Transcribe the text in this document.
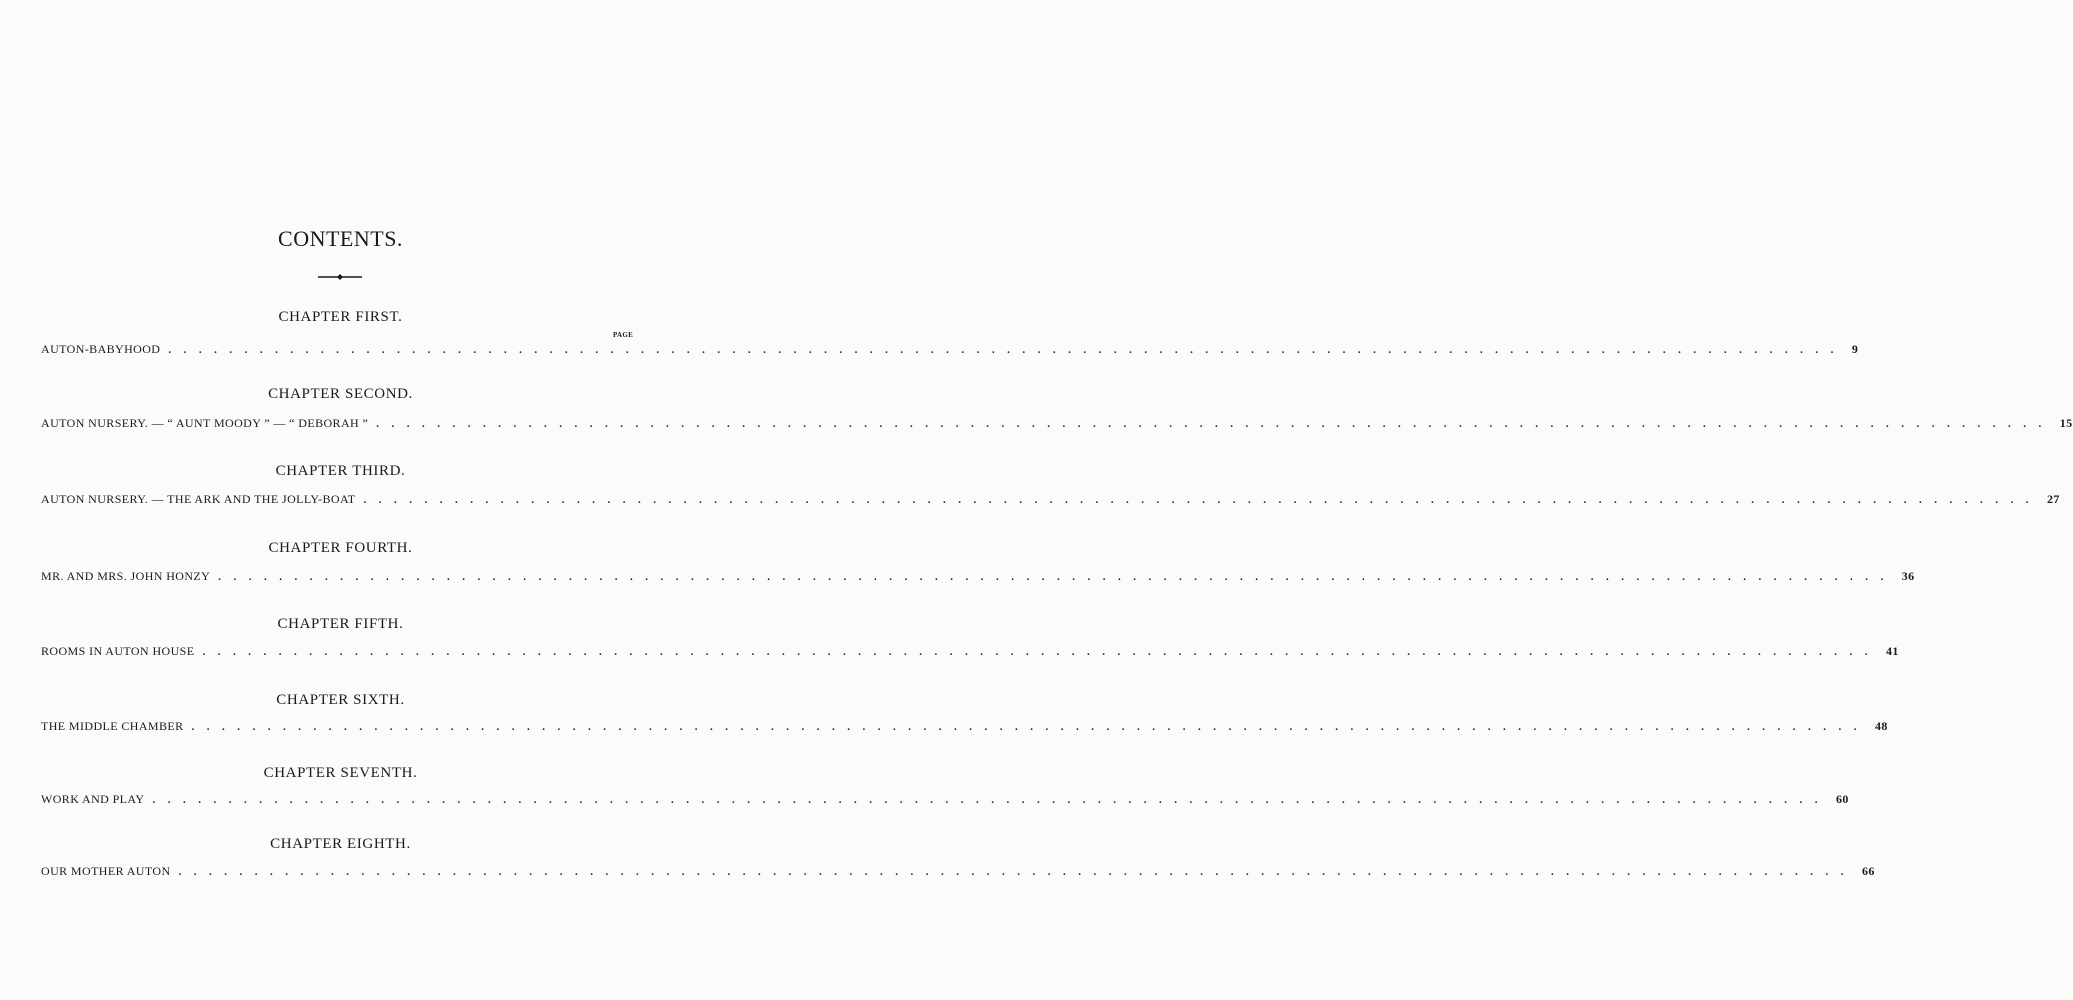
CONTENTS.
CHAPTER FIRST.
PAGE
AUTON-BABYHOOD .............................................................................................................. 9
CHAPTER SECOND.
AUTON NURSERY. — “ AUNT MOODY ” — “ DEBORAH ” .............................................................................................................. 15
CHAPTER THIRD.
AUTON NURSERY. — THE ARK AND THE JOLLY-BOAT .............................................................................................................. 27
CHAPTER FOURTH.
MR. AND MRS. JOHN HONZY .............................................................................................................. 36
CHAPTER FIFTH.
ROOMS IN AUTON HOUSE .............................................................................................................. 41
CHAPTER SIXTH.
THE MIDDLE CHAMBER .............................................................................................................. 48
CHAPTER SEVENTH.
WORK AND PLAY .............................................................................................................. 60
CHAPTER EIGHTH.
OUR MOTHER AUTON .............................................................................................................. 66
